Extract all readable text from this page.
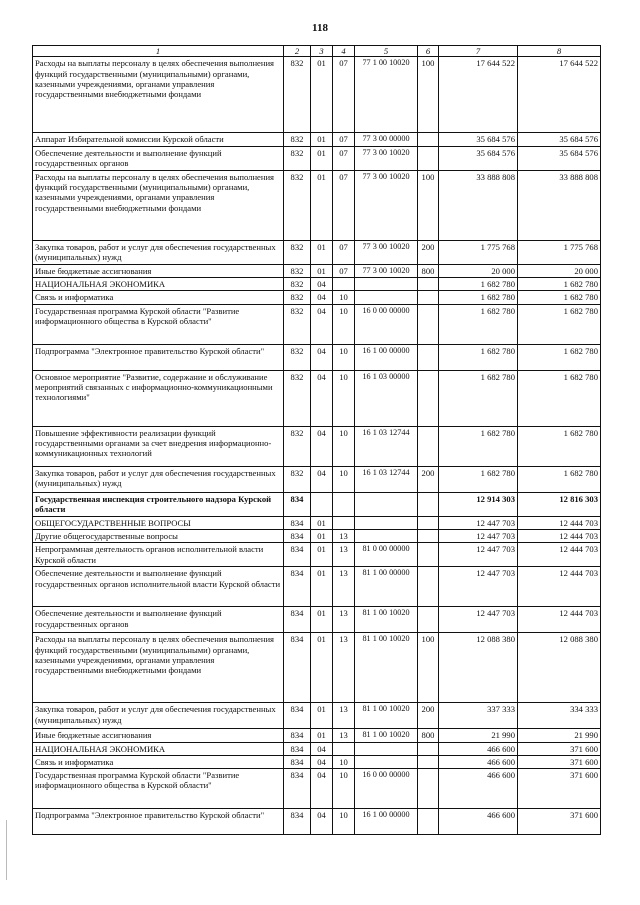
118
1	2	3	4	5	6	7	8
Расходы на выплаты персоналу в целях обеспечения выполнения функций государственными (муниципальными) органами, казенными учреждениями, органами управления государственными внебюджетными фондами	832	01	07	77 1 00 10020	100	17 644 522	17 644 522
Аппарат Избирательной комиссии Курской области	832	01	07	77 3 00 00000		35 684 576	35 684 576
Обеспечение деятельности и выполнение функций государственных органов	832	01	07	77 3 00 10020		35 684 576	35 684 576
Расходы на выплаты персоналу в целях обеспечения выполнения функций государственными (муниципальными) органами, казенными учреждениями, органами управления государственными внебюджетными фондами	832	01	07	77 3 00 10020	100	33 888 808	33 888 808
Закупка товаров, работ и услуг для обеспечения государственных (муниципальных) нужд	832	01	07	77 3 00 10020	200	1 775 768	1 775 768
Иные бюджетные ассигнования	832	01	07	77 3 00 10020	800	20 000	20 000
НАЦИОНАЛЬНАЯ ЭКОНОМИКА	832	04				1 682 780	1 682 780
Связь и информатика	832	04	10			1 682 780	1 682 780
Государственная программа Курской области "Развитие информационного общества в Курской области"	832	04	10	16 0 00 00000		1 682 780	1 682 780
Подпрограмма "Электронное правительство Курской области"	832	04	10	16 1 00 00000		1 682 780	1 682 780
Основное мероприятие "Развитие, содержание и обслуживание мероприятий связанных с информационно-коммуникационными технологиями"	832	04	10	16 1 03 00000		1 682 780	1 682 780
Повышение эффективности реализации функций государственными органами за счет внедрения информационно-коммуникационных технологий	832	04	10	16 1 03 12744		1 682 780	1 682 780
Закупка товаров, работ и услуг для обеспечения государственных (муниципальных) нужд	832	04	10	16 1 03 12744	200	1 682 780	1 682 780
Государственная инспекция строительного надзора Курской области	834					12 914 303	12 816 303
ОБЩЕГОСУДАРСТВЕННЫЕ ВОПРОСЫ	834	01				12 447 703	12 444 703
Другие общегосударственные вопросы	834	01	13			12 447 703	12 444 703
Непрограммная деятельность органов исполнительной власти Курской области	834	01	13	81 0 00 00000		12 447 703	12 444 703
Обеспечение деятельности и выполнение функций государственных органов исполнительной власти Курской области	834	01	13	81 1 00 00000		12 447 703	12 444 703
Обеспечение деятельности и выполнение функций государственных органов	834	01	13	81 1 00 10020		12 447 703	12 444 703
Расходы на выплаты персоналу в целях обеспечения выполнения функций государственными (муниципальными) органами, казенными учреждениями, органами управления государственными внебюджетными фондами	834	01	13	81 1 00 10020	100	12 088 380	12 088 380
Закупка товаров, работ и услуг для обеспечения государственных (муниципальных) нужд	834	01	13	81 1 00 10020	200	337 333	334 333
Иные бюджетные ассигнования	834	01	13	81 1 00 10020	800	21 990	21 990
НАЦИОНАЛЬНАЯ ЭКОНОМИКА	834	04				466 600	371 600
Связь и информатика	834	04	10			466 600	371 600
Государственная программа Курской области "Развитие информационного общества в Курской области"	834	04	10	16 0 00 00000		466 600	371 600
Подпрограмма "Электронное правительство Курской области"	834	04	10	16 1 00 00000		466 600	371 600
